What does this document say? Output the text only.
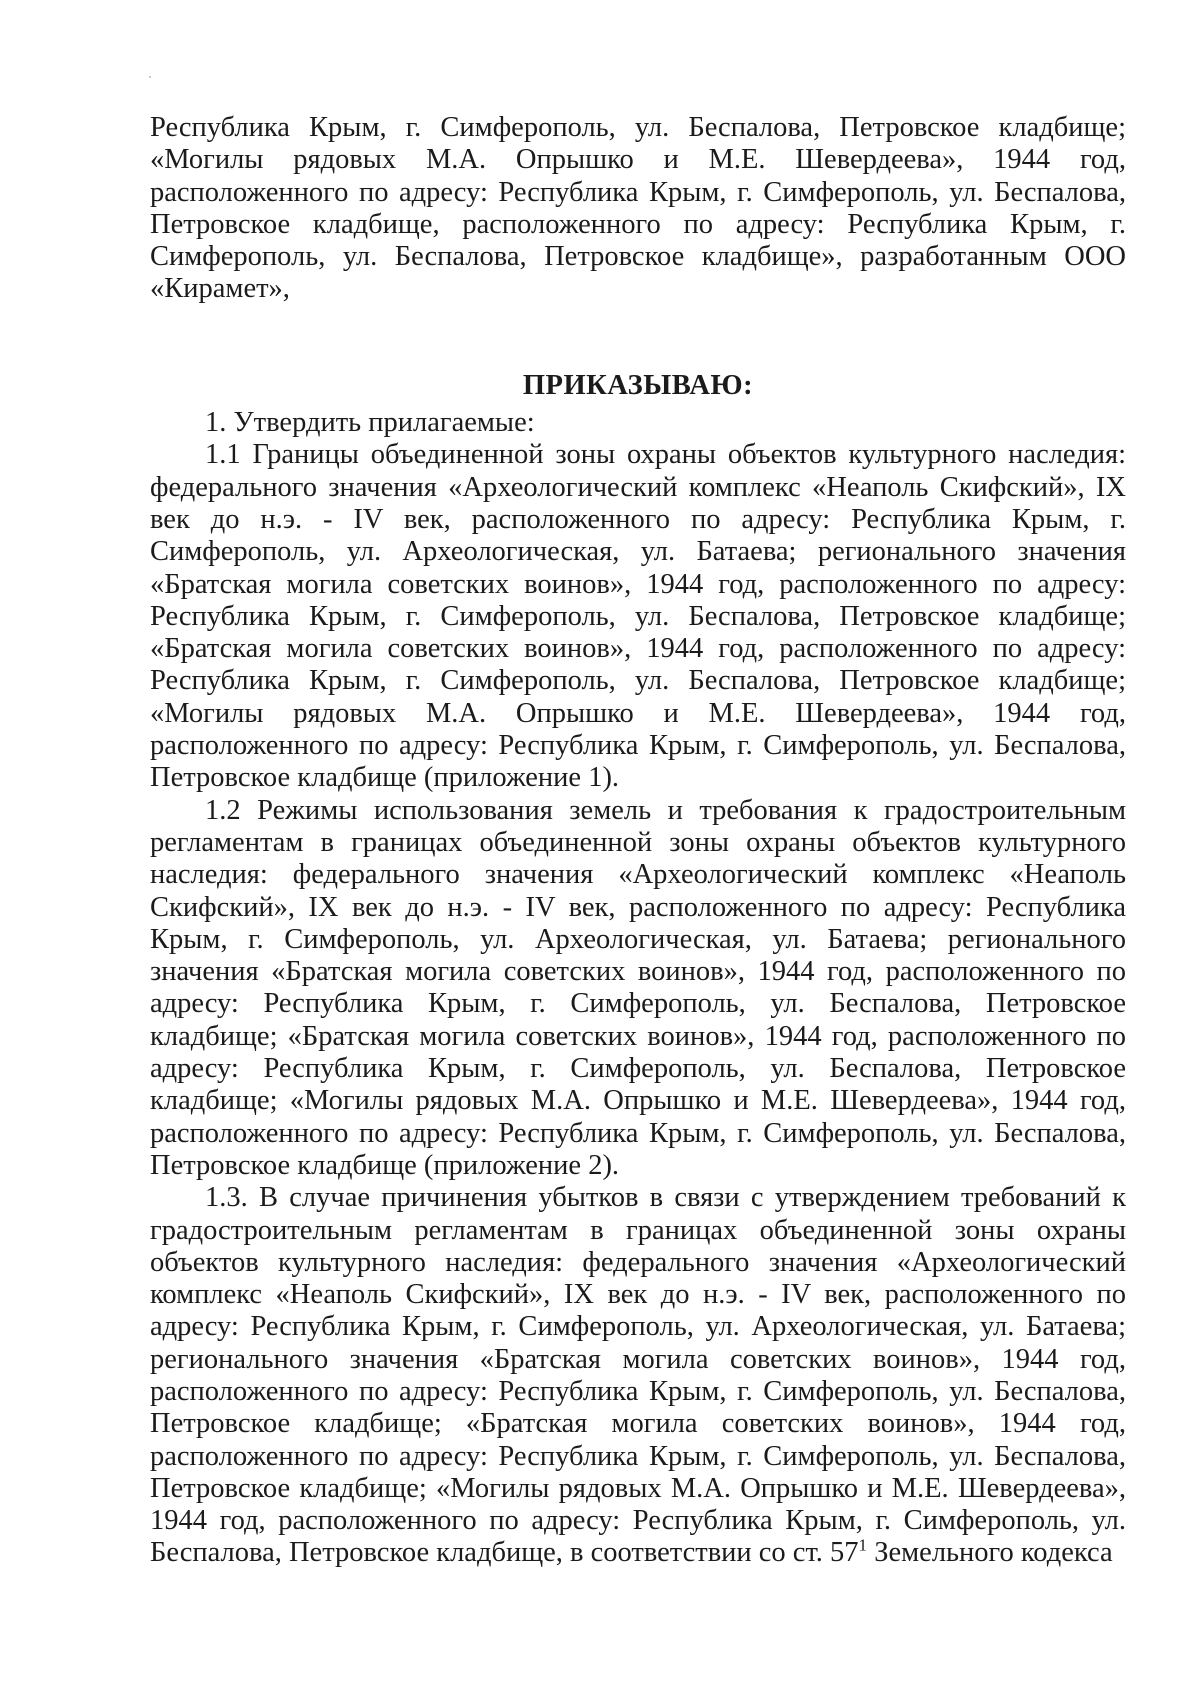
Республика Крым, г. Симферополь, ул. Беспалова, Петровское кладбище; «Могилы рядовых М.А. Опрышко и М.Е. Шевердеева», 1944 год, расположенного по адресу: Республика Крым, г. Симферополь, ул. Беспалова, Петровское кладбище, расположенного по адресу: Республика Крым, г. Симферополь, ул. Беспалова, Петровское кладбище», разработанным ООО «Кирамет»,

ПРИКАЗЫВАЮ:

1. Утвердить прилагаемые:

1.1 Границы объединенной зоны охраны объектов культурного наследия: федерального значения «Археологический комплекс «Неаполь Скифский», IX век до н.э. - IV век, расположенного по адресу: Республика Крым, г. Симферополь, ул. Археологическая, ул. Батаева; регионального значения «Братская могила советских воинов», 1944 год, расположенного по адресу: Республика Крым, г. Симферополь, ул. Беспалова, Петровское кладбище; «Братская могила советских воинов», 1944 год, расположенного по адресу: Республика Крым, г. Симферополь, ул. Беспалова, Петровское кладбище; «Могилы рядовых М.А. Опрышко и М.Е. Шевердеева», 1944 год, расположенного по адресу: Республика Крым, г. Симферополь, ул. Беспалова, Петровское кладбище (приложение 1).

1.2 Режимы использования земель и требования к градостроительным регламентам в границах объединенной зоны охраны объектов культурного наследия: федерального значения «Археологический комплекс «Неаполь Скифский», IX век до н.э. - IV век, расположенного по адресу: Республика Крым, г. Симферополь, ул. Археологическая, ул. Батаева; регионального значения «Братская могила советских воинов», 1944 год, расположенного по адресу: Республика Крым, г. Симферополь, ул. Беспалова, Петровское кладбище; «Братская могила советских воинов», 1944 год, расположенного по адресу: Республика Крым, г. Симферополь, ул. Беспалова, Петровское кладбище; «Могилы рядовых М.А. Опрышко и М.Е. Шевердеева», 1944 год, расположенного по адресу: Республика Крым, г. Симферополь, ул. Беспалова, Петровское кладбище (приложение 2).

1.3. В случае причинения убытков в связи с утверждением требований к градостроительным регламентам в границах объединенной зоны охраны объектов культурного наследия: федерального значения «Археологический комплекс «Неаполь Скифский», IX век до н.э. - IV век, расположенного по адресу: Республика Крым, г. Симферополь, ул. Археологическая, ул. Батаева; регионального значения «Братская могила советских воинов», 1944 год, расположенного по адресу: Республика Крым, г. Симферополь, ул. Беспалова, Петровское кладбище; «Братская могила советских воинов», 1944 год, расположенного по адресу: Республика Крым, г. Симферополь, ул. Беспалова, Петровское кладбище; «Могилы рядовых М.А. Опрышко и М.Е. Шевердеева», 1944 год, расположенного по адресу: Республика Крым, г. Симферополь, ул. Беспалова, Петровское кладбище, в соответствии со ст. $57^1$ Земельного кодекса
